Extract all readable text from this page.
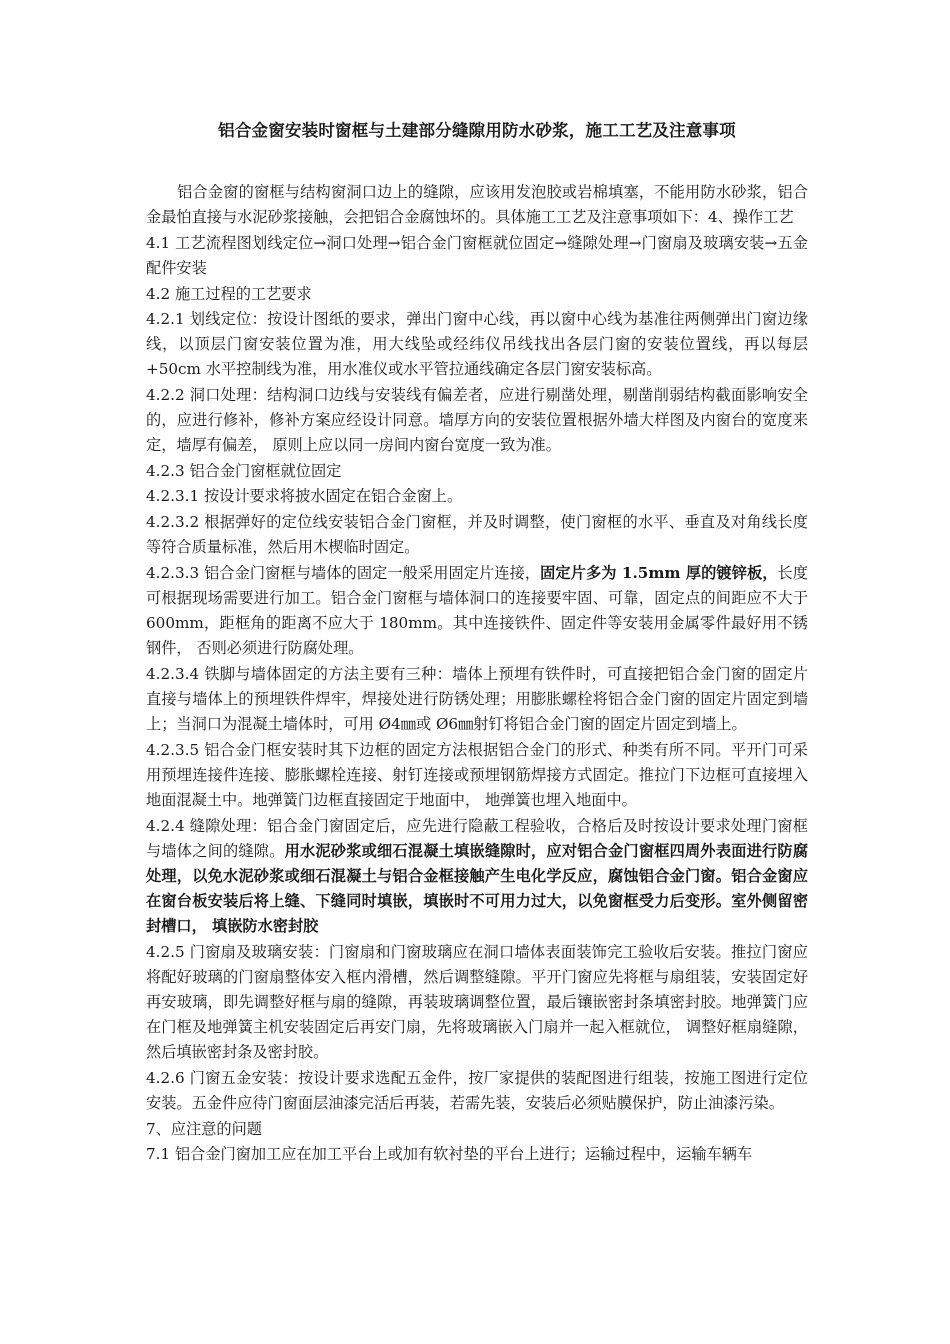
铝合金窗安装时窗框与土建部分缝隙用防水砂浆，施工工艺及注意事项

铝合金窗的窗框与结构窗洞口边上的缝隙，应该用发泡胶或岩棉填塞，不能用防水砂浆，铝合金最怕直接与水泥砂浆接触，会把铝合金腐蚀坏的。具体施工工艺及注意事项如下：4、操作工艺

4.1 工艺流程图划线定位→洞口处理→铝合金门窗框就位固定→缝隙处理→门窗扇及玻璃安装→五金配件安装

4.2 施工过程的工艺要求

4.2.1 划线定位：按设计图纸的要求，弹出门窗中心线，再以窗中心线为基准往两侧弹出门窗边缘线，以顶层门窗安装位置为准，用大线坠或经纬仪吊线找出各层门窗的安装位置线，再以每层+50cm 水平控制线为准，用水准仪或水平管拉通线确定各层门窗安装标高。

4.2.2 洞口处理：结构洞口边线与安装线有偏差者，应进行剔凿处理，剔凿削弱结构截面影响安全的，应进行修补，修补方案应经设计同意。墙厚方向的安装位置根据外墙大样图及内窗台的宽度来定，墙厚有偏差， 原则上应以同一房间内窗台宽度一致为准。

4.2.3 铝合金门窗框就位固定

4.2.3.1 按设计要求将披水固定在铝合金窗上。

4.2.3.2 根据弹好的定位线安装铝合金门窗框，并及时调整，使门窗框的水平、垂直及对角线长度等符合质量标准，然后用木楔临时固定。

4.2.3.3 铝合金门窗框与墙体的固定一般采用固定片连接，固定片多为 1.5mm 厚的镀锌板，长度可根据现场需要进行加工。铝合金门窗框与墙体洞口的连接要牢固、可靠，固定点的间距应不大于 600mm，距框角的距离不应大于 180mm。其中连接铁件、固定件等安装用金属零件最好用不锈钢件， 否则必须进行防腐处理。

4.2.3.4 铁脚与墙体固定的方法主要有三种：墙体上预埋有铁件时，可直接把铝合金门窗的固定片直接与墙体上的预埋铁件焊牢，焊接处进行防锈处理；用膨胀螺栓将铝合金门窗的固定片固定到墙上；当洞口为混凝土墙体时，可用 Ø4㎜或 Ø6㎜射钉将铝合金门窗的固定片固定到墙上。

4.2.3.5 铝合金门框安装时其下边框的固定方法根据铝合金门的形式、种类有所不同。平开门可采用预埋连接件连接、膨胀螺栓连接、射钉连接或预埋钢筋焊接方式固定。推拉门下边框可直接埋入地面混凝土中。地弹簧门边框直接固定于地面中， 地弹簧也埋入地面中。

4.2.4 缝隙处理：铝合金门窗固定后，应先进行隐蔽工程验收，合格后及时按设计要求处理门窗框与墙体之间的缝隙。用水泥砂浆或细石混凝土填嵌缝隙时，应对铝合金门窗框四周外表面进行防腐处理，以免水泥砂浆或细石混凝土与铝合金框接触产生电化学反应，腐蚀铝合金门窗。铝合金窗应在窗台板安装后将上缝、下缝同时填嵌，填嵌时不可用力过大，以免窗框受力后变形。室外侧留密封槽口， 填嵌防水密封胶

4.2.5 门窗扇及玻璃安装：门窗扇和门窗玻璃应在洞口墙体表面装饰完工验收后安装。推拉门窗应将配好玻璃的门窗扇整体安入框内滑槽，然后调整缝隙。平开门窗应先将框与扇组装，安装固定好再安玻璃，即先调整好框与扇的缝隙，再装玻璃调整位置，最后镶嵌密封条填密封胶。地弹簧门应在门框及地弹簧主机安装固定后再安门扇，先将玻璃嵌入门扇并一起入框就位， 调整好框扇缝隙，然后填嵌密封条及密封胶。

4.2.6 门窗五金安装：按设计要求选配五金件，按厂家提供的装配图进行组装，按施工图进行定位安装。五金件应待门窗面层油漆完活后再装，若需先装，安装后必须贴膜保护，防止油漆污染。

7、应注意的问题

7.1 铝合金门窗加工应在加工平台上或加有软衬垫的平台上进行；运输过程中，运输车辆车
